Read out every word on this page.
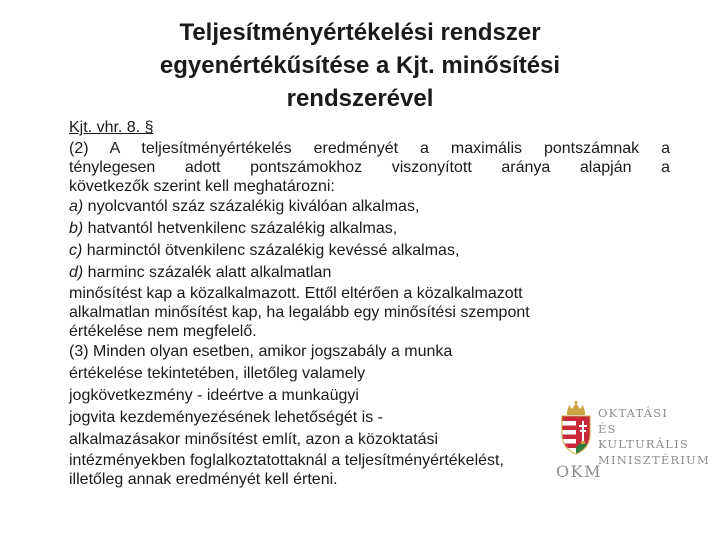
Teljesítményértékelési rendszer
egyenértékűsítése a Kjt. minősítési
rendszerével
Kjt. vhr. 8. §
(2) A teljesítményértékelés eredményét a maximális pontszámnak a
ténylegesen adott pontszámokhoz viszonyított aránya alapján a
következők szerint kell meghatározni:
a) nyolcvantól száz százalékig kiválóan alkalmas,
b) hatvantól hetvenkilenc százalékig alkalmas,
c) harminctól ötvenkilenc százalékig kevéssé alkalmas,
d) harminc százalék alatt alkalmatlan
minősítést kap a közalkalmazott. Ettől eltérően a közalkalmazott
alkalmatlan minősítést kap, ha legalább egy minősítési szempont
értékelése nem megfelelő.
(3) Minden olyan esetben, amikor jogszabály a munka
értékelése tekintetében, illetőleg valamely
jogkövetkezmény - ideértve a munkaügyi
jogvita kezdeményezésének lehetőségét is -
alkalmazásakor minősítést említ, azon a közoktatási
intézményekben foglalkoztatottaknál a teljesítményértékelést,
illetőleg annak eredményét kell érteni.
OKTATÁSI
ÉS KULTURÁLIS
MINISZTÉRIUM
OKM
